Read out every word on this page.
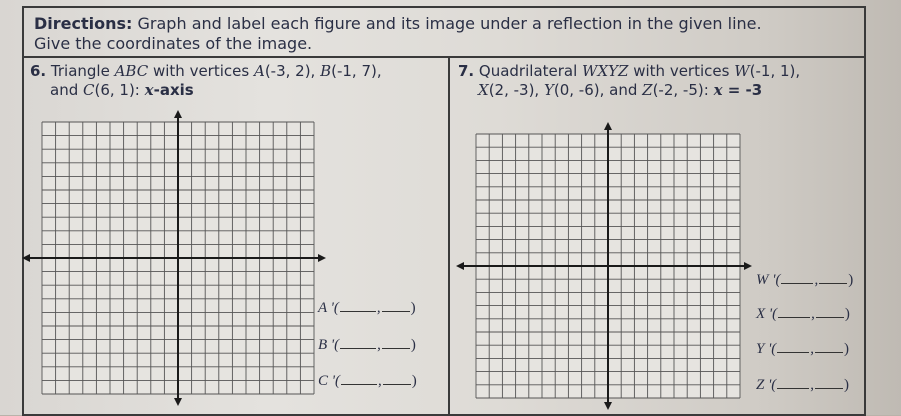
Directions: Graph and label each figure and its image under a reflection in the given line.
Give the coordinates of the image.
6. Triangle ABC with vertices A(-3, 2), B(-1, 7),
and C(6, 1): x-axis
7. Quadrilateral WXYZ with vertices W(-1, 1),
X(2, -3), Y(0, -6), and Z(-2, -5): x = -3
A '(	, )
B '(	, )
C '(	, )
W '( , )
X '( , )
Y '( , )
Z '( , )
